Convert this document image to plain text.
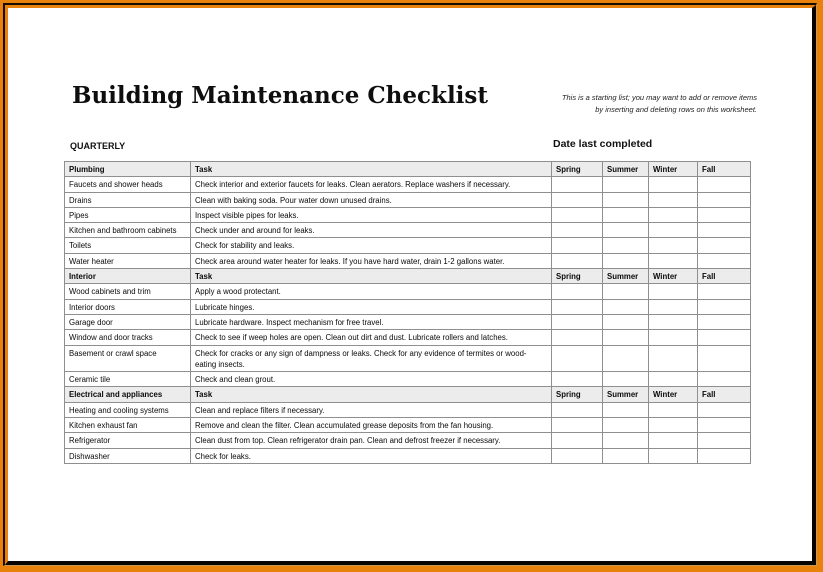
Building Maintenance Checklist	This is a starting list; you may want to add or remove items
by inserting and deleting rows on this worksheet.
QUARTERLY	Date last completed
Plumbing	Task	Spring	Summer	Winter	Fall
Faucets and shower heads	Check interior and exterior faucets for leaks. Clean aerators. Replace washers if necessary.				
Drains	Clean with baking soda. Pour water down unused drains.				
Pipes	Inspect visible pipes for leaks.				
Kitchen and bathroom cabinets	Check under and around for leaks.				
Toilets	Check for stability and leaks.				
Water heater	Check area around water heater for leaks. If you have hard water, drain 1-2 gallons water.				
Interior	Task	Spring	Summer	Winter	Fall
Wood cabinets and trim	Apply a wood protectant.				
Interior doors	Lubricate hinges.				
Garage door	Lubricate hardware. Inspect mechanism for free travel.				
Window and door tracks	Check to see if weep holes are open. Clean out dirt and dust. Lubricate rollers and latches.				
Basement or crawl space	Check for cracks or any sign of dampness or leaks. Check for any evidence of termites or wood-eating insects.				
Ceramic tile	Check and clean grout.				
Electrical and appliances	Task	Spring	Summer	Winter	Fall
Heating and cooling systems	Clean and replace filters if necessary.				
Kitchen exhaust fan	Remove and clean the filter. Clean accumulated grease deposits from the fan housing.				
Refrigerator	Clean dust from top. Clean refrigerator drain pan. Clean and defrost freezer if necessary.				
Dishwasher	Check for leaks.				
